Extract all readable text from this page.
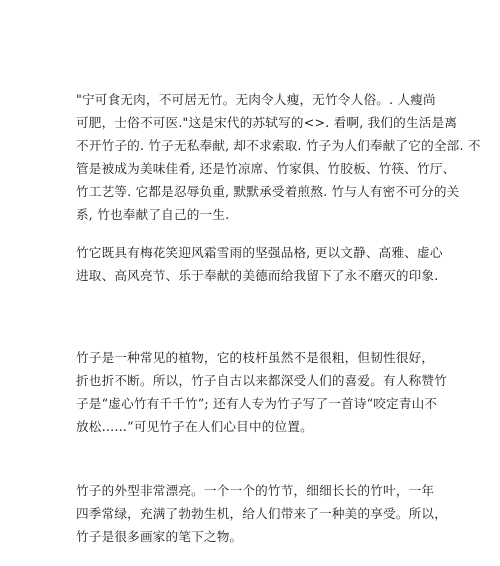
"宁可食无肉，不可居无竹。无肉令人瘦，无竹令人俗。. 人瘦尚
可肥，士俗不可医."这是宋代的苏轼写的<>. 看啊, 我们的生活是离
不开竹子的. 竹子无私奉献, 却不求索取. 竹子为人们奉献了它的全部. 不
管是被成为美味佳肴, 还是竹凉席、竹家俱、竹胶板、竹筷、竹厅、
竹工艺等. 它都是忍辱负重, 默默承受着煎熬. 竹与人有密不可分的关
系, 竹也奉献了自己的一生.
竹它既具有梅花笑迎风霜雪雨的坚强品格, 更以文静、高雅、虚心
进取、高风亮节、乐于奉献的美德而给我留下了永不磨灭的印象.
竹子是一种常见的植物，它的枝杆虽然不是很粗，但韧性很好，
折也折不断。所以，竹子自古以来都深受人们的喜爱。有人称赞竹
子是“虚心竹有千千竹”; 还有人专为竹子写了一首诗“咬定青山不
放松……”可见竹子在人们心目中的位置。
竹子的外型非常漂亮。一个一个的竹节，细细长长的竹叶，一年
四季常绿，充满了勃勃生机，给人们带来了一种美的享受。所以，
竹子是很多画家的笔下之物。
